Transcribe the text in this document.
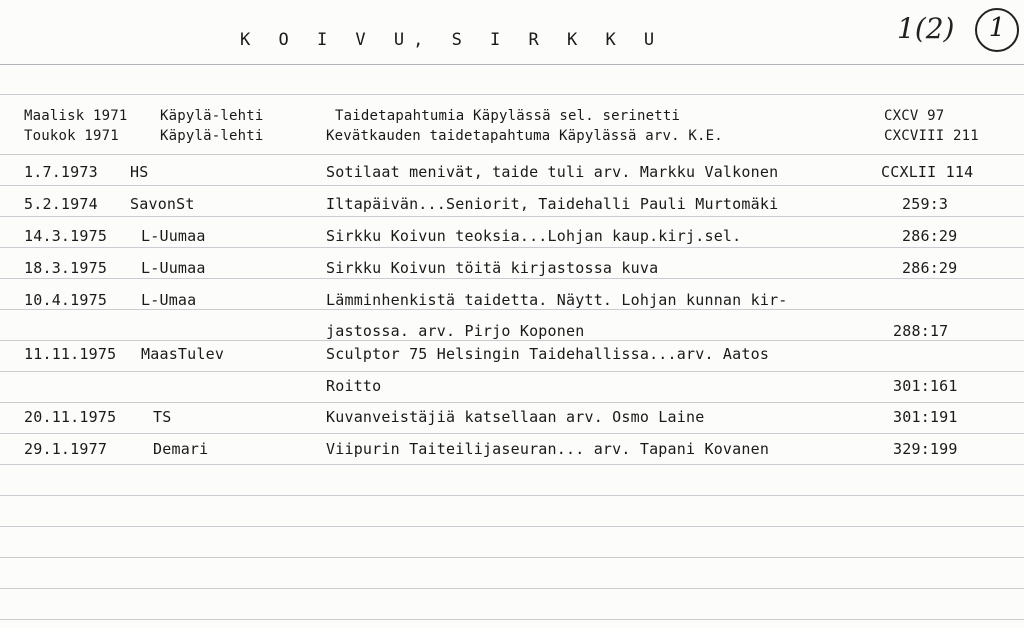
K O I V U, S I R K K U	1(2)	1
Maalisk 1971 Käpylä-lehti	Taidetapahtumia Käpylässä sel. serinetti	CXCV 97
Toukok 1971	Käpylä-lehti	Kevätkauden taidetapahtuma Käpylässä arv. K.E.	CXCVIII 211
1.7.1973 HS	Sotilaat menivät, taide tuli arv. Markku Valkonen	CCXLII 114
5.2.1974 SavonSt	Iltapäivän...Seniorit, Taidehalli Pauli Murtomäki	259:3
14.3.1975 L-Uumaa	Sirkku Koivun teoksia...Lohjan kaup.kirj.sel.	286:29
18.3.1975 L-Uumaa	Sirkku Koivun töitä kirjastossa kuva	286:29
10.4.1975 L-Umaa	Lämminhenkistä taidetta. Näytt. Lohjan kunnan kir-
jastossa. arv. Pirjo Koponen	288:17
11.11.1975 MaasTulev	Sculptor 75 Helsingin Taidehallissa...arv. Aatos
Roitto	301:161
20.11.1975 TS	Kuvanveistäjiä katsellaan arv. Osmo Laine	301:191
29.1.1977	Demari	Viipurin Taiteilijaseuran... arv. Tapani Kovanen	329:199
